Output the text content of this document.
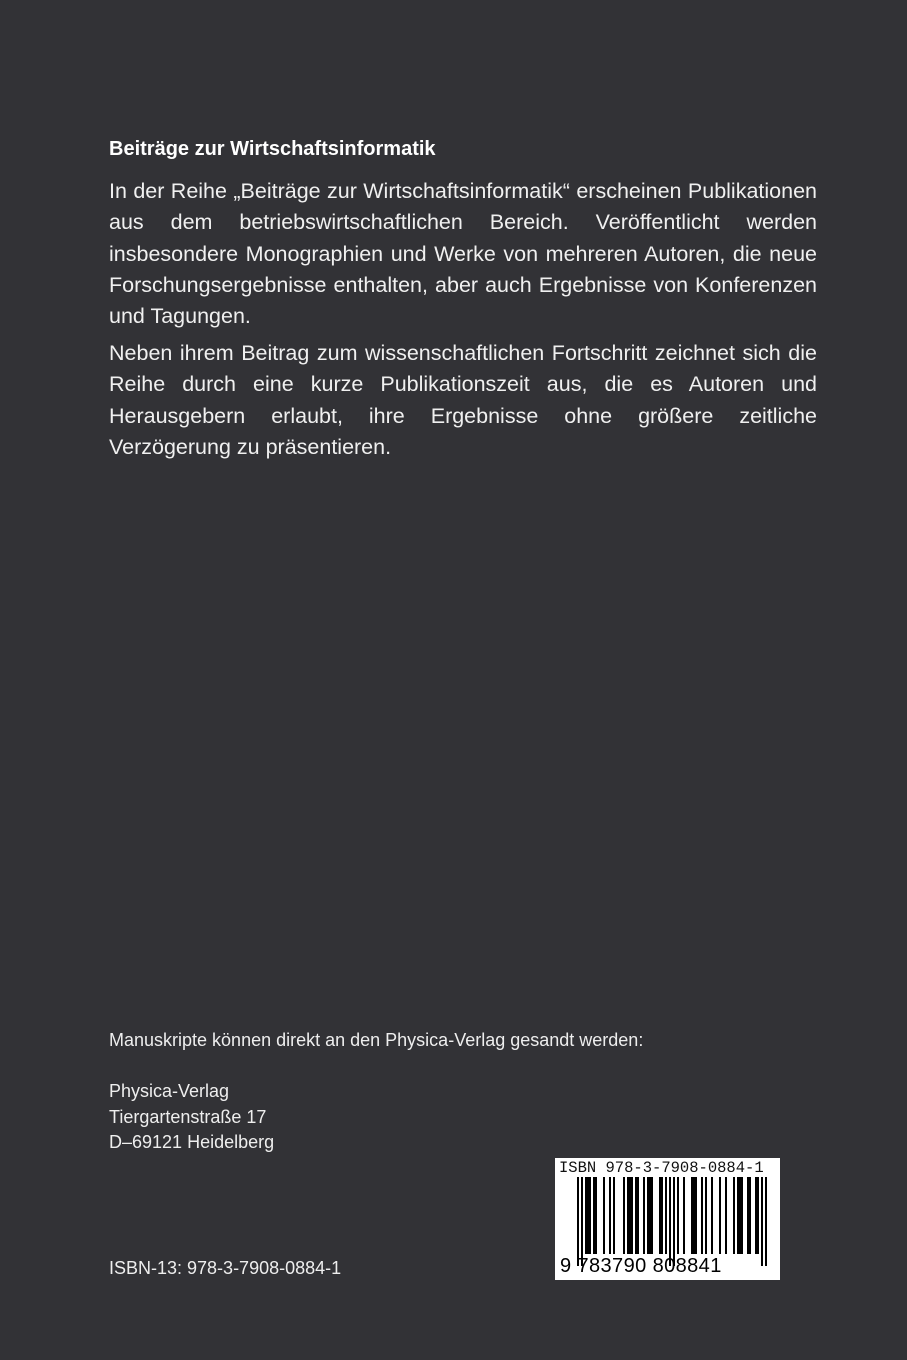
Beiträge zur Wirtschaftsinformatik

In der Reihe „Beiträge zur Wirtschaftsinformatik“ erscheinen Publikationen aus dem betriebswirtschaftlichen Bereich. Veröffentlicht werden insbesondere Monographien und Werke von mehreren Autoren, die neue Forschungsergebnisse enthalten, aber auch Ergebnisse von Konferenzen und Tagungen.

Neben ihrem Beitrag zum wissenschaftlichen Fortschritt zeichnet sich die Reihe durch eine kurze Publikationszeit aus, die es Autoren und Herausgebern erlaubt, ihre Ergebnisse ohne größere zeitliche Verzögerung zu präsentieren.

Manuskripte können direkt an den Physica-Verlag gesandt werden:

Physica-Verlag
Tiergartenstraße 17
D–69121 Heidelberg
ISBN-13: 978-3-7908-0884-1
ISBN 978-3-7908-0884-1
9 783790 808841
